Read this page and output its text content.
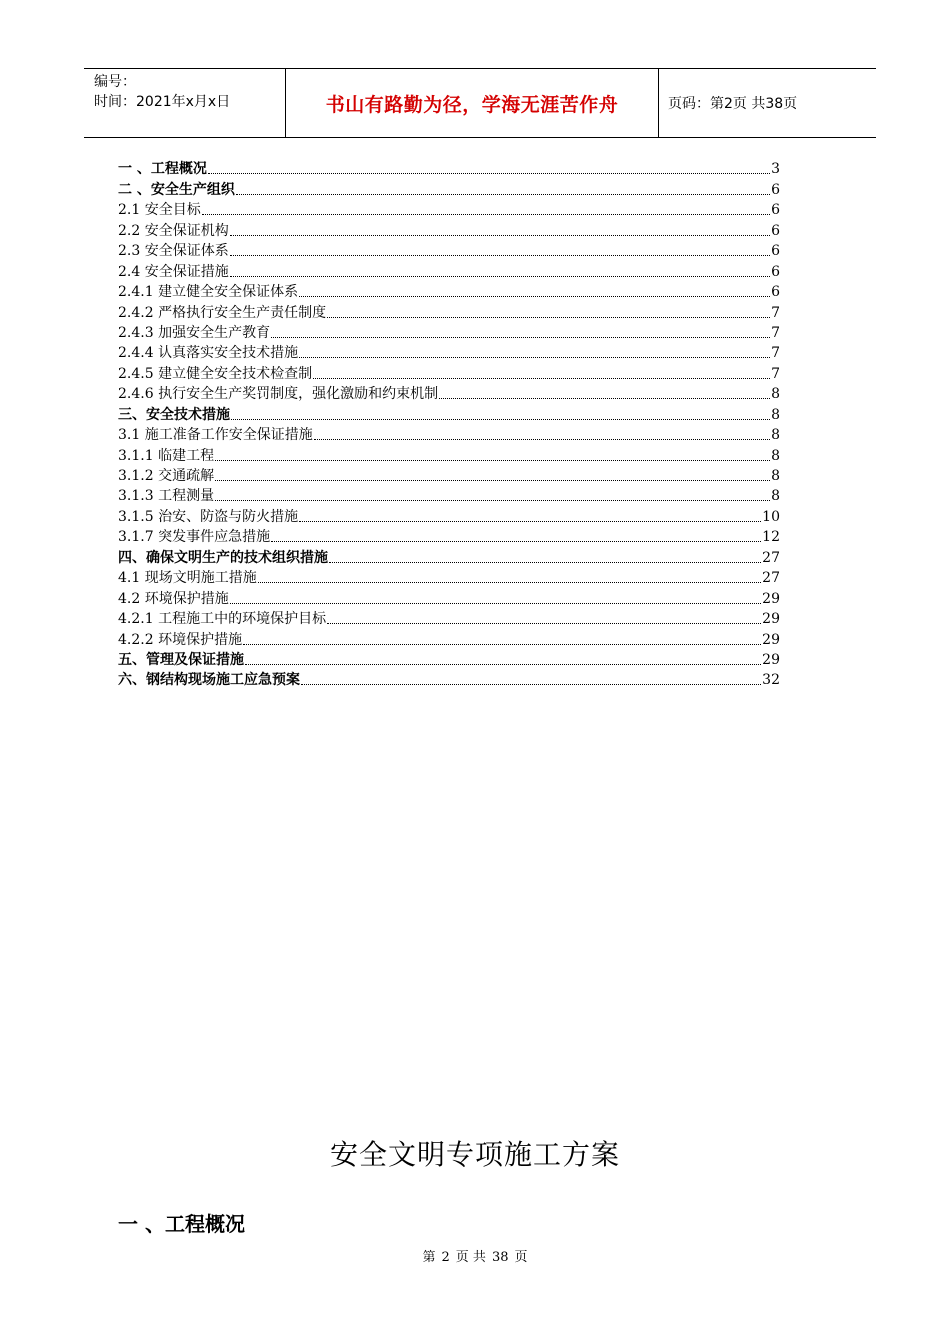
编号：
时间：2021年x月x日	书山有路勤为径，学海无涯苦作舟	页码：第2页 共38页
一 、工程概况	3
二 、安全生产组织	6
2.1 安全目标	6
2.2 安全保证机构	6
2.3 安全保证体系	6
2.4 安全保证措施	6
2.4.1 建立健全安全保证体系	6
2.4.2 严格执行安全生产责任制度	7
2.4.3 加强安全生产教育	7
2.4.4 认真落实安全技术措施	7
2.4.5 建立健全安全技术检查制	7
2.4.6 执行安全生产奖罚制度，强化激励和约束机制	8
三、安全技术措施	8
3.1 施工准备工作安全保证措施	8
3.1.1 临建工程	8
3.1.2 交通疏解	8
3.1.3 工程测量	8
3.1.5 治安、防盗与防火措施	10
3.1.7 突发事件应急措施	12
四、确保文明生产的技术组织措施	27
4.1 现场文明施工措施	27
4.2 环境保护措施	29
4.2.1 工程施工中的环境保护目标	29
4.2.2 环境保护措施	29
五、管理及保证措施	29
六、钢结构现场施工应急预案	32
安全文明专项施工方案
一 、工程概况
第 2 页 共 38 页
